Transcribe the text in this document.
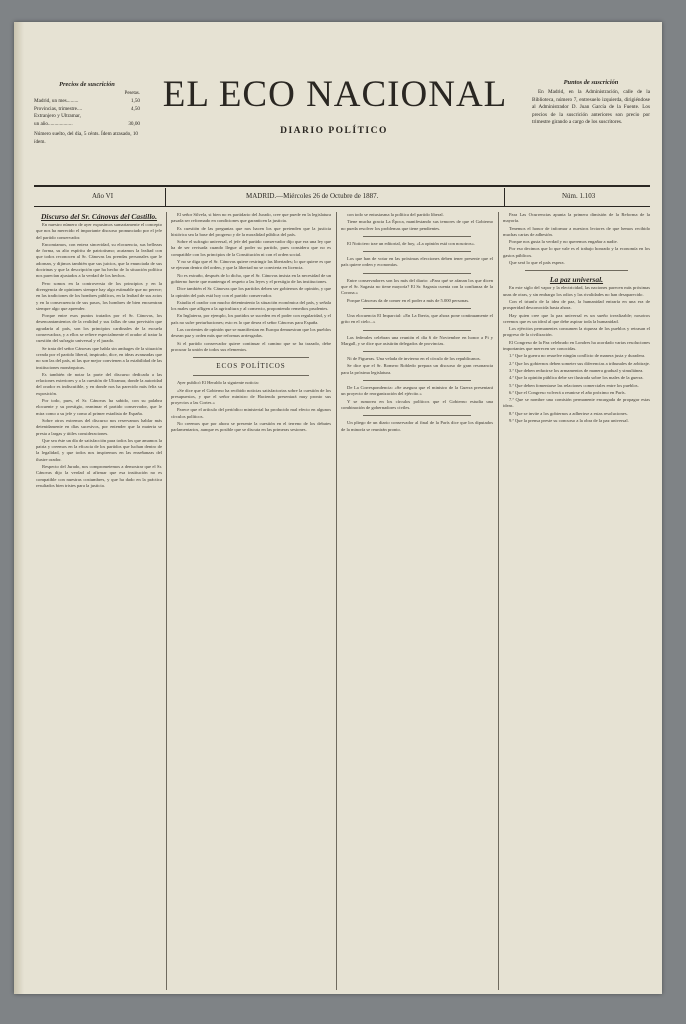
Precios de suscrición
Pesetas.
Madrid, un mes.........	1,50
Provincias, trimestre....	4,50
Extranjero y Ultramar,
un año...................	30,00
Número suelto, del día, 5 cénts. Ídem atrasado, 10 ídem.
EL ECO NACIONAL
DIARIO POLÍTICO
Puntos de suscrición
En Madrid, en la Administración, calle de la Biblioteca, número 7, entresuelo izquierda, dirigiéndose al Administrador D. Juan García de la Fuente. Los precios de la suscrición anteriores son precio por trimestre girando a cargo de los suscritores.
Año VI	MADRID.—Miércoles 26 de Octubre de 1887.	Núm. 1.103

Discurso del Sr. Cánovas del Castillo.

En nuestro número de ayer expusimos sumariamente el concepto que nos ha merecido el importante discurso pronunciado por el jefe del partido conservador.

Encomiamos, con entera sinceridad, su elocuencia, sus bellezas de forma, su alto espíritu de patriotismo; acatamos la lealtad con que todos reconocen al Sr. Cánovas las prendas personales que le adornan, y dijimos también que sus juicios, que la enunciada de sus doctrinas y que la descripción que ha hecho de la situación política nos parecían ajustados a la verdad de los hechos.

Pero somos en la controversia de los principios y en la divergencia de opiniones siempre hay algo estimable que no perece; en las tradiciones de los hombres públicos, en la lealtad de sus actos y en la consecuencia de sus pasos, los hombres de bien encuentran siempre algo que aprender.

Porque entre esos puntos tratados por el Sr. Cánovas, los desencantamientos de la realidad y sus fallas de una previsión que agradaría al país, son los principios cardinales de la escuela conservadora, y a ellos se refiere especialmente el orador al tratar la cuestión del sufragio universal y el jurado.

Se trata del señor Cánovas que habla sin ambages de la situación creada por el partido liberal, inspirado, dice, en ideas avanzadas que no son las del país, ni las que mejor convienen a la estabilidad de las instituciones monárquicas.

Es también de notar la parte del discurso dedicada a las relaciones exteriores y a la cuestión de Ultramar, donde la autoridad del orador es indiscutible, y en donde nos ha parecido más feliz su exposición.

Por todo, pues, el Sr. Cánovas ha sabido, con su palabra elocuente y su prestigio, reanimar el partido conservador, que le mira como a su jefe y como al primer estadista de España.

Sobre otros extremos del discurso nos reservamos hablar más detenidamente en días sucesivos, por entender que la materia se presta a largas y útiles consideraciones.

Que sea éste un día de satisfacción para todos los que amamos la patria y creemos en la eficacia de los partidos que luchan dentro de la legalidad, y que todos nos inspiremos en las enseñanzas del ilustre orador.

Respecto del Jurado, nos comprometemos a demostrar que el Sr. Cánovas dijo la verdad al afirmar que esa institución no es compatible con nuestras costumbres, y que ha dado en la práctica resultados bien tristes para la justicia.

El señor Silvela, si bien no es partidario del Jurado, cree que puede en la legislatura pasada ser reformado en condiciones que garanticen la justicia.

Es cuestión de las preguntas que nos hacen los que pretenden que la justicia histórica sea la base del progreso y de la moralidad pública del país.

Sobre el sufragio universal, el jefe del partido conservador dijo que era una ley que ha de ser revisada cuando llegue al poder su partido, pues considera que no es compatible con los principios de la Constitución ni con el orden social.

Y no se diga que el Sr. Cánovas quiere restringir las libertades; lo que quiere es que se ejerzan dentro del orden, y que la libertad no se convierta en licencia.

No es extraño, después de lo dicho, que el Sr. Cánovas insista en la necesidad de un gobierno fuerte que mantenga el respeto a las leyes y el prestigio de las instituciones.

Dice también el Sr. Cánovas que los partidos deben ser gobiernos de opinión, y que la opinión del país está hoy con el partido conservador.

Estudia el orador con mucho detenimiento la situación económica del país, y señala los males que afligen a la agricultura y al comercio, proponiendo remedios prudentes.

En Inglaterra, por ejemplo, los partidos se suceden en el poder con regularidad, y el país no sufre perturbaciones; esto es lo que desea el señor Cánovas para España.

Las corrientes de opinión que se manifiestan en Europa demuestran que los pueblos desean paz y orden más que reformas arriesgadas.

Si el partido conservador quiere continuar el camino que se ha trazado, debe procurar la unión de todos sus elementos.

ECOS POLÍTICOS

Ayer publicó El Heraldo la siguiente noticia:

«Se dice que el Gobierno ha recibido noticias satisfactorias sobre la cuestión de los presupuestos, y que el señor ministro de Hacienda presentará muy pronto sus proyectos a las Cortes.»

Parece que el artículo del periódico ministerial ha producido mal efecto en algunos círculos políticos.

No creemos que por ahora se presente la cuestión en el terreno de los debates parlamentarios, aunque es posible que se discuta en las primeras sesiones.

con todo se entusiasma la política del partido liberal.

Tiene mucha gracia La Época, manifestando sus temores de que el Gobierno no pueda resolver los problemas que tiene pendientes.

El Noticiero trae un editorial, de hoy, «La opinión está con nosotros».

Los que han de votar en las próximas elecciones deben tener presente que el país quiere orden y economías.

Entre conservadores son los más del diario: «Para qué se afanan los que dicen que el Sr. Sagasta no tiene mayoría? El Sr. Sagasta cuenta con la confianza de la Corona.»

Porque Cánovas da de comer en el poder a más de 5.000 personas.

Una elocuencia El Imparcial: «En La Iberia, que ahora pone continuamente el grito en el cielo...»

Las federales celebran una reunión el día 6 de Noviembre en honor a Pi y Margall, y se dice que asistirán delegados de provincias.

Ni de Figueras. Una velada de invierno en el círculo de los republicanos.

Se dice que el Sr. Romero Robledo prepara un discurso de gran resonancia para la próxima legislatura.

De La Correspondencia: «Se asegura que el ministro de la Guerra presentará un proyecto de reorganización del ejército.»

Y se rumorea en los círculos políticos que el Gobierno estudia una combinación de gobernadores civiles.

Un pliego de un diario conservador al final de la París dice que los diputados de la minoría se reunirán pronto.

Para Las Ocurrencias apunta la primera dimisión de la Reforma de la mayoría.

Tenemos el honor de informar a nuestros lectores de que hemos recibido muchas cartas de adhesión.

Porque nos gusta la verdad y no queremos engañar a nadie.

Por eso decimos que lo que vale es el trabajo honrado y la economía en los gastos públicos.

Que será lo que el país espera.

La paz universal.

En este siglo del vapor y la electricidad, las naciones parecen más próximas unas de otras, y sin embargo los odios y las rivalidades no han desaparecido.

Con el triunfo de la idea de paz, la humanidad entraría en una era de prosperidad desconocida hasta ahora.

Hay quien cree que la paz universal es un sueño irrealizable; nosotros creemos que es un ideal al que debe aspirar toda la humanidad.

Los ejércitos permanentes consumen la riqueza de los pueblos y retrasan el progreso de la civilización.

El Congreso de la Paz celebrado en Londres ha acordado varias resoluciones importantes que merecen ser conocidas.

1.ª Que la guerra no resuelve ningún conflicto de manera justa y duradera.

2.ª Que los gobiernos deben someter sus diferencias a tribunales de arbitraje.

3.ª Que deben reducirse los armamentos de manera gradual y simultánea.

4.ª Que la opinión pública debe ser ilustrada sobre los males de la guerra.

5.ª Que deben fomentarse las relaciones comerciales entre los pueblos.

6.ª Que el Congreso volverá a reunirse el año próximo en París.

7.ª Que se nombre una comisión permanente encargada de propagar estas ideas.

8.ª Que se invite a los gobiernos a adherirse a estas resoluciones.

9.ª Que la prensa preste su concurso a la obra de la paz universal.
